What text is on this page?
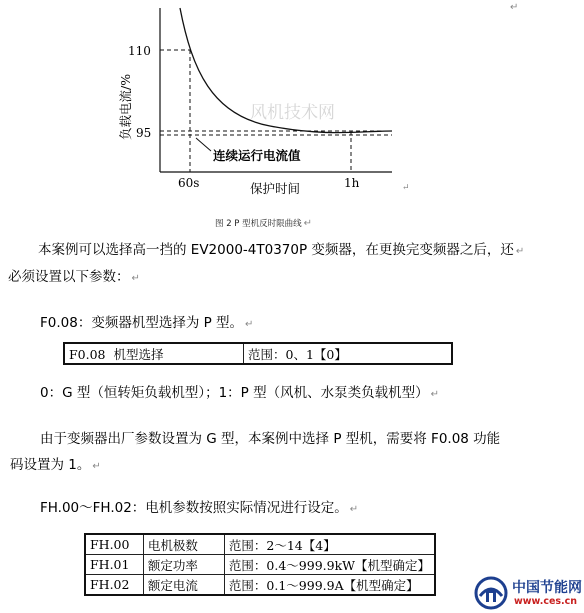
风机技术网
110
95
60s	1h
连续运行电流值
保护时间
负载电流/%
↵
↵
图 2 P 型机反时限曲线 ↵
本案例可以选择高一挡的 EV2000-4T0370P 变频器，在更换完变频器之后，还 ↵
必须设置以下参数： ↵
F0.08：变频器机型选择为 P 型。 ↵
F0.08 机型选择	范围：0、1【0】
0：G 型（恒转矩负载机型）；1：P 型（风机、水泵类负载机型） ↵
由于变频器出厂参数设置为 G 型，本案例中选择 P 型机，需要将 F0.08 功能
码设置为 1。 ↵
FH.00～FH.02：电机参数按照实际情况进行设定。 ↵
FH.00	电机极数	范围：2～14【4】
FH.01	额定功率	范围：0.4～999.9kW【机型确定】
FH.02	额定电流	范围：0.1～999.9A【机型确定】	中国节能网
www.ces.cn
